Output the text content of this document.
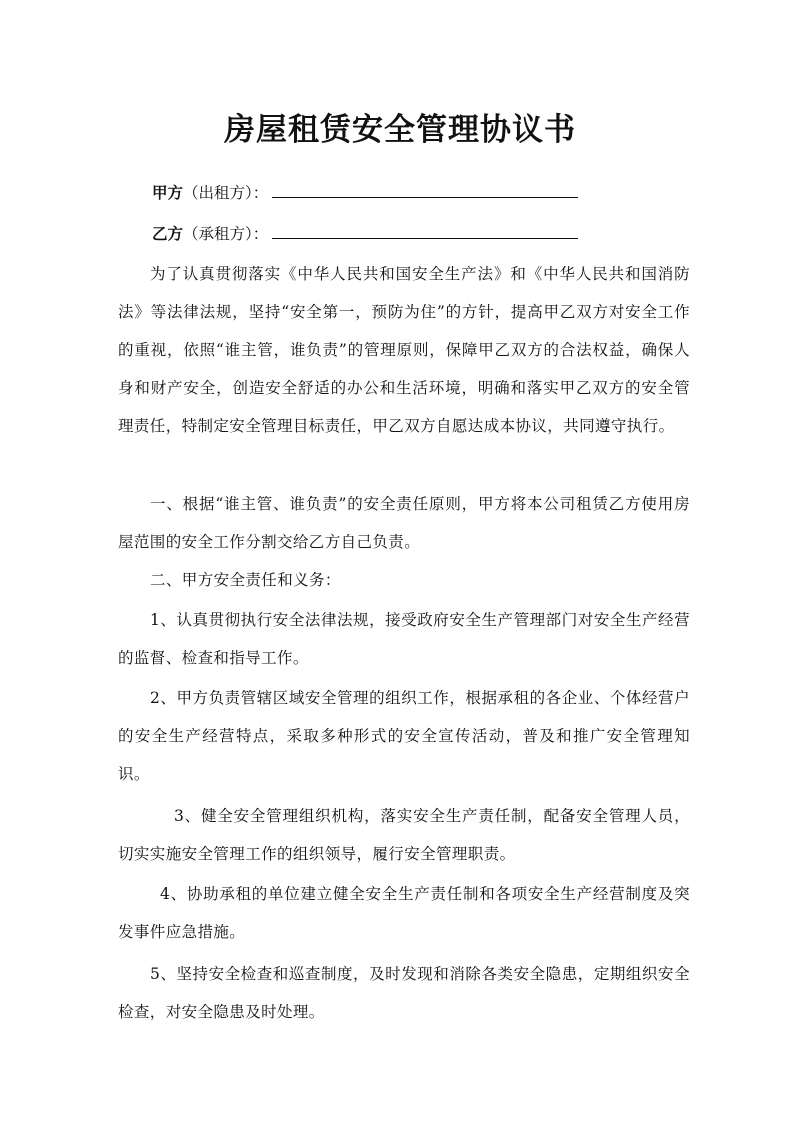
房屋租赁安全管理协议书
甲方（出租方）：
乙方（承租方）：

为了认真贯彻落实《中华人民共和国安全生产法》和《中华人民共和国消防法》等法律法规，坚持“安全第一，预防为住”的方针，提高甲乙双方对安全工作的重视，依照“谁主管，谁负责”的管理原则，保障甲乙双方的合法权益，确保人身和财产安全，创造安全舒适的办公和生活环境，明确和落实甲乙双方的安全管理责任，特制定安全管理目标责任，甲乙双方自愿达成本协议，共同遵守执行。

一、根据“谁主管、谁负责”的安全责任原则，甲方将本公司租赁乙方使用房屋范围的安全工作分割交给乙方自己负责。

二、甲方安全责任和义务：

1、认真贯彻执行安全法律法规，接受政府安全生产管理部门对安全生产经营的监督、检查和指导工作。

2、甲方负责管辖区域安全管理的组织工作，根据承租的各企业、个体经营户的安全生产经营特点，采取多种形式的安全宣传活动，普及和推广安全管理知识。

3、健全安全管理组织机构，落实安全生产责任制，配备安全管理人员，切实实施安全管理工作的组织领导，履行安全管理职责。

4、协助承租的单位建立健全安全生产责任制和各项安全生产经营制度及突发事件应急措施。

5、坚持安全检查和巡查制度，及时发现和消除各类安全隐患，定期组织安全检查，对安全隐患及时处理。
